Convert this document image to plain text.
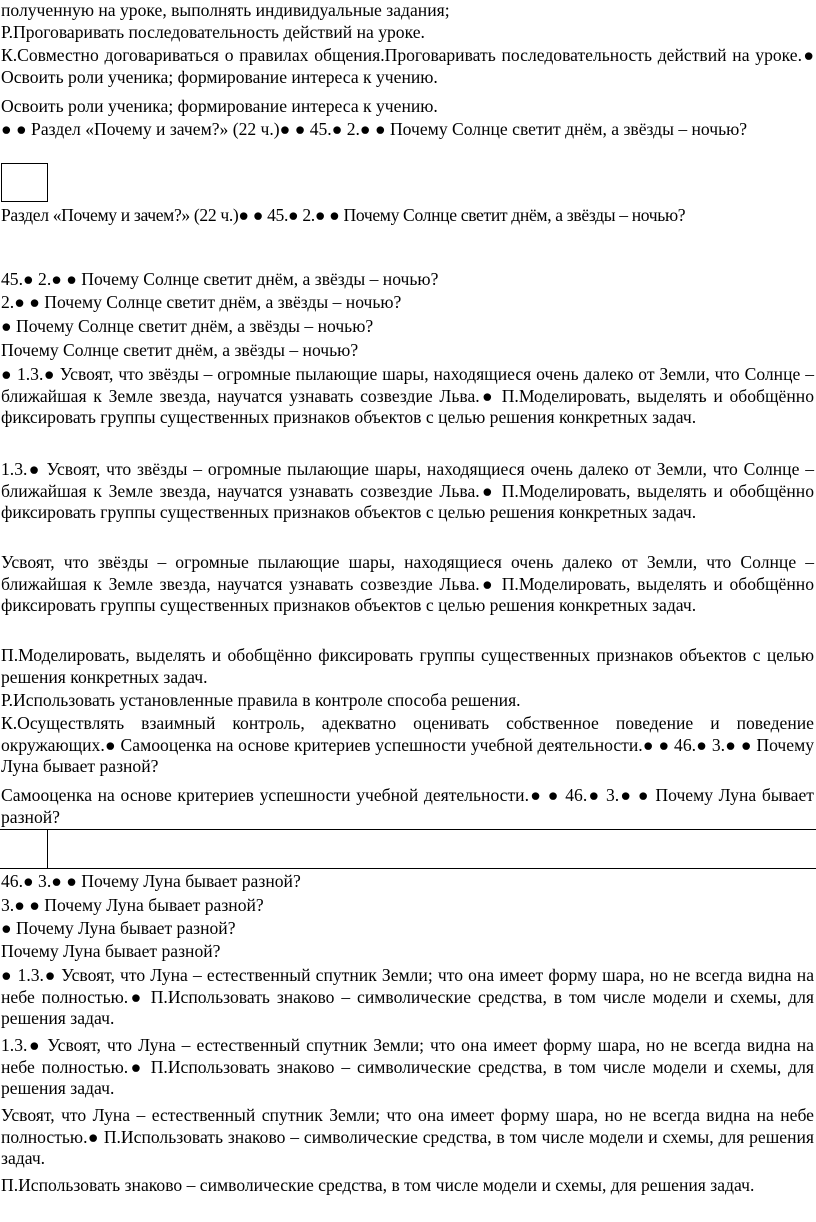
полученную на уроке, выполнять индивидуальные задания;

Р.Проговаривать последовательность действий на уроке.

К.Совместно договариваться о правилах общения.Проговаривать последовательность действий на уроке.● Освоить роли ученика; формирование интереса к учению.

Освоить роли ученика; формирование интереса к учению.

● ● Раздел «Почему и зачем?» (22 ч.)● ● 45.● 2.● ● Почему Солнце светит днём, а звёзды – ночью?

Раздел «Почему и зачем?» (22 ч.)● ● 45.● 2.● ● Почему Солнце светит днём, а звёзды – ночью?

45.● 2.● ● Почему Солнце светит днём, а звёзды – ночью?

2.● ● Почему Солнце светит днём, а звёзды – ночью?

● Почему Солнце светит днём, а звёзды – ночью?

Почему Солнце светит днём, а звёзды – ночью?

● 1.3.● Усвоят, что звёзды – огромные пылающие шары, находящиеся очень далеко от Земли, что Солнце – ближайшая к Земле звезда, научатся узнавать созвездие Льва.● П.Моделировать, выделять и обобщённо фиксировать группы существенных признаков объектов с целью решения конкретных задач.

1.3.● Усвоят, что звёзды – огромные пылающие шары, находящиеся очень далеко от Земли, что Солнце – ближайшая к Земле звезда, научатся узнавать созвездие Льва.● П.Моделировать, выделять и обобщённо фиксировать группы существенных признаков объектов с целью решения конкретных задач.

Усвоят, что звёзды – огромные пылающие шары, находящиеся очень далеко от Земли, что Солнце – ближайшая к Земле звезда, научатся узнавать созвездие Льва.● П.Моделировать, выделять и обобщённо фиксировать группы существенных признаков объектов с целью решения конкретных задач.

П.Моделировать, выделять и обобщённо фиксировать группы существенных признаков объектов с целью решения конкретных задач.

Р.Использовать установленные правила в контроле способа решения.

К.Осуществлять взаимный контроль, адекватно оценивать собственное поведение и поведение окружающих.● Самооценка на основе критериев успешности учебной деятельности.● ● 46.● 3.● ● Почему Луна бывает разной?

Самооценка на основе критериев успешности учебной деятельности.● ● 46.● 3.● ● Почему Луна бывает разной?

46.● 3.● ● Почему Луна бывает разной?

3.● ● Почему Луна бывает разной?

● Почему Луна бывает разной?

Почему Луна бывает разной?

● 1.3.● Усвоят, что Луна – естественный спутник Земли; что она имеет форму шара, но не всегда видна на небе полностью.● П.Использовать знаково – символические средства, в том числе модели и схемы, для решения задач.

1.3.● Усвоят, что Луна – естественный спутник Земли; что она имеет форму шара, но не всегда видна на небе полностью.● П.Использовать знаково – символические средства, в том числе модели и схемы, для решения задач.

Усвоят, что Луна – естественный спутник Земли; что она имеет форму шара, но не всегда видна на небе полностью.● П.Использовать знаково – символические средства, в том числе модели и схемы, для решения задач.

П.Использовать знаково – символические средства, в том числе модели и схемы, для решения задач.
